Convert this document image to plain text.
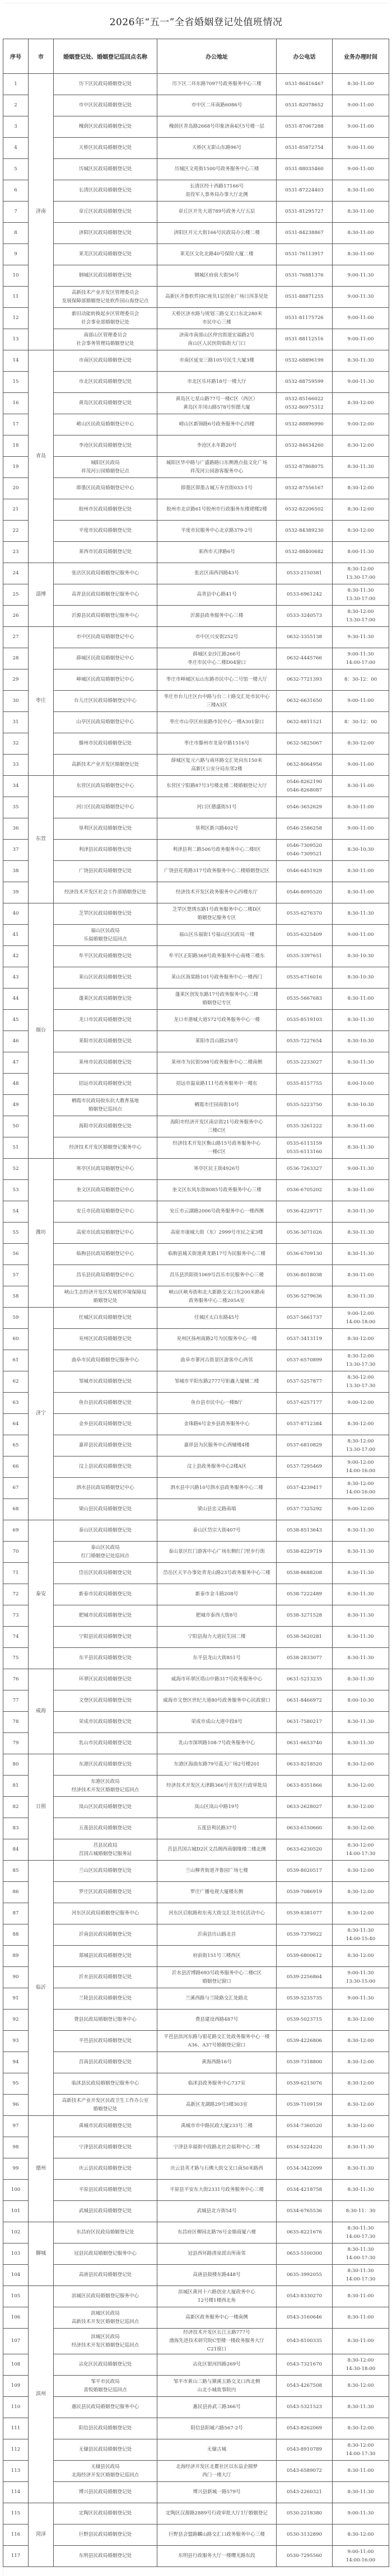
2026年“五一”全省婚姻登记处值班情况
序号	市	婚姻登记处、婚姻登记巡回点名称	办公地址	办公电话	业务办理时间
1	济南	历下区民政局婚姻登记处	历下区二环东路7097号政务服务中心三楼	0531-86416467	8:30-11:00

2		市中区民政局婚姻登记处	市中区二环南路6086号	0531-82078652	9:00-11:00

3		槐荫区民政局婚姻登记处	槐荫区青岛路2668号印象济南4区5号楼一层	0531-87067288	9:00-11:00

4		天桥区民政局婚姻登记处	天桥区无影山东路96号	0531-85872754	9:00-11:00

5		历城区民政局婚姻登记处	历城区文苑街1500号政务服务中心三楼	0531-88035460	9:00-11:00

6		长清区民政局婚姻登记处	长清区经十西路17166号
退役军人事务局办事大厅北侧	0531-87224403	8:30-11:00

7		章丘区民政局婚姻登记处	章丘区开先大道789号政务大厅五层	0531-81295727	8:30-11:00

8		济阳区民政局婚姻登记处	济阳区开元大街166号民政局办公楼二楼	0531-84238867	8:30-11:00

9		莱芜区民政局婚姻登记处	莱芜区文化北路40号保险大厦二楼	0531-76113917	8:30-11:00

10		钢城区民政局婚姻登记处	钢城区府前大街56号	0531-76881376	9:00-11:30

11		高新技术产业开发区管理委员会
发展保障部婚姻登记处软件园山海登记点	高新区齐鲁软件园C座负1层创业广场曰洱茶见处	0531-88871255	9:00-11:30

12		新旧动能转换起步区管理委员会
社会事业部婚姻登记处	天桥区济水路与规划三路交叉口东北280米
市民中心三楼	0531-81175726	9:00-11:00

13		南部山区管理委员会
社会事务管理局婚姻登记处	济南市南部山区仲宫街道宏福路2号
南山区人民医院临街大门口	0531-88112516	9:00-11:00

14	青岛	市南区民政局婚姻登记处	市南区延安三路105号民生大厦3楼	0532-68896199	8:30-11:30

15		市北区民政局婚姻登记处	市北区乐环路18号一楼大厅	0532-88759599	9:00-11:30

16		黄岛区民政局婚姻登记处	黄岛区七星山路77号一楼C区（西区）
黄岛区井冈山路578号恒德大厦	0532-85166022
0532-86975312	8:30-12:00

17		崂山区民政局婚姻登记中心	崂山区新锦路6号政务服务中心四楼	0532-88896990	9:00-12:00

18		李沧区民政局婚姻登记处	李沧区永年路20号	0532-84634260	8:30-12:00

19		城阳区民政局
祥茂河公园婚姻登记点	城阳区华中路与广盛路路口东侧渔点盐文化广场
祥茂河公园游客服务中心	0532-87868075	8:30-11:30

20		即墨区民政局婚姻登记中心	即墨区即墨古城万寿宫街033-1号	0532-87556167	8:30-12:00

21		胶州市民政局婚姻登记处	胶州市北京路61号胶州市行政服务东楼裙楼2楼	0532-82206502	8:30-12:00

22		平度市民政局婚姻登记处	平度市民服务中心北京路379-2号	0532-84389230	8:30-12:00

23		莱西市民政局婚姻登记处	莱西市天津路6号	0532-88400682	8:00-11:30

24	淄博	张店区民政局婚姻登记服务中心	张店区南西四路43号	0533-2150381	8:30-12:00
13:30-17:00

25		高青县民政局婚姻登记服务中心	高青县中心路41号	0533-6961242	8:30-11:30
13:30-17:00

26		沂源县民政局婚姻登记服务中心	沂源县政务服务中心三楼	0533-3240573	8:30-12:00
13:30-17:00

27	枣庄	市中区民政局婚姻登记中心	市中区兴安街252号	0632-3355138	9:30-11:30

28		薛城区民政局婚姻登记中心	薛城区金沙江路266号
枣庄市民中心二楼D04窗口	0632-4445766	9:00-11:30
14:00-17:00

29		峄城区民政局婚姻登记中心	枣庄市峄城区坛山东路市民中心二号馆一楼大厅	0632-7721393	8：30-12：00

30		台儿庄区民政局婚姻登记中心	枣庄市台儿庄区台中路与台二十路交汇处市民中心
三楼A3区	0632-6631650	9:00-11:00

31		山亭区民政局婚姻登记中心	枣庄市山亭区府前路市民中心一楼A301窗口	0632-8811521	8：30-12：00

32		滕州市民政局婚姻登记处	枣庄市滕州市龙泉中路1516号	0632-5825067	8:30-12:00

33		高新技术产业开发区婚姻登记处	薛城区复元六路与南环路交汇处向东150米
高新区公安分局东邻2楼	0632-8064956	9:00-11:00

34	东营	东营区民政局婚姻登记中心	东营区宁阳路87号3号楼北楼二楼婚姻登记大厅	0546-8262190
0546-8268087	8:30-11:00

35		河口区民政局婚姻登记中心	河口区德盛街51号	0546-3652629	8:30-11:00

36		垦利区民政局婚姻登记处	垦利区新兴路402号	0546-2586258	9:00-11:00

37		利津县民政局婚姻登记处	利津县利二路506号政务服务中心二楼I区	0546-7309520
0546-7309521	8:30-10:30

38		广饶县民政局婚姻登记处	广饶县花苑路317号政务服务中心二楼婚姻登记区	0546-6451929	8:30-11:00

39		经济技术开发区社会工作部婚姻登记处	经济技术开发区政务服务中心四楼东厅	0546-8095520	8:30-11:00

40	烟台	芝罘区民政局婚姻登记处	芝罘区楚绣东路1号政务服务中心二楼D区
婚姻登记服务专区	0535-6276370	8:30-11:30

41		福山区民政局
乐福婚姻登记巡回点	福山区乐福街1号福山区民政局一楼	0535-6325409	9:00-11:00

42		牟平区民政局婚姻登记处	牟平区正阳路368号政务服务中心南楼三楼东	0535-3397651	8:30-10:30

43		莱山区民政局婚姻登记处	莱山区海棠路101号政务服务中心一楼西门	0535-6716016	8:30-10:30

44		蓬莱区民政局婚姻登记处	蓬莱区创发东路17号政务服务中心三楼
婚姻登记专区	0535-5667683	8:30-11:00

45		龙口市民政局婚姻登记处	龙口市港城大道572号政务服务中心一楼	0535-8519103	8:30-11:30

46		莱阳市民政局婚姻登记处	莱阳市昌山路258号	0535-7227654	8:30-10:30

47		莱州市民政局婚姻登记处	莱州市为民街598号政务服务中心二楼南侧	0535-2233027	8:30-11:30

48		招远市民政局婚姻登记处	招远市温泉路111号政务服务中一楼东	0535-8157755	8:00-10:00

49		栖霞市民政局胶东抗大教育基地
婚姻登记巡回点	栖霞市庄园南街10号	0535-5223750	8:30-10:30

50		海阳市民政局婚姻登记处	海阳市经济开发区南京街21号政务服务中心
三楼C区	0535-3261222	8:30-11:00

51		经济技术开发区婚姻登记服务中心	经济技术开发区衡山路15号政务服务中心
一楼C区	0535-6113159
0535-6113160	8:30-11:30

52	潍坊	寒亭区民政局婚姻登记中心	寒亭区民主街4926号	0536-7263327	9:00-11:30

53		奎文区民政局婚姻登记中心	奎文区东风东街8085号政务服务中心三楼	0536-6705202	8:30-11:00

54		安丘市民政局婚姻登记中心	安丘市云湖路2006号政务服务中心一楼西侧	0536-4229717	8:30-11:30

55		高密市民政局婚姻登记中心	高密市康城大街（东）2999号市民之家3楼	0536-3071026	8:30-11:30

56		临朐县民政局婚姻登记中心	临朐县城关街道黄龙路17号为民服务中心三楼	0536-6709130	8:30-11:30

57		昌乐县民政局婚姻登记中心	昌乐县洪阳街1069号昌乐市民服务中心三楼	0536-8018038	8:30-11:00

58		峡山生态经济开发区发展软环境保障局
婚姻登记处	峡山区峡寿街和北大新路交叉口东200米路南
政务服务中心二楼205A室	0536-5279636	8:30-11:30

59	济宁	任城区民政局婚姻登记处	任城区太白东路45号	0537-5661737	9:00-12:00
14:00-18:00

60		兖州区民政局婚姻登记处	兖州区扬州南路2号为民服务中心一楼	0537-3413119	8:30-12:00

61		曲阜市民政局婚姻登记服务中心	曲阜市蓼河古街景区游客中心西邻	0537-6570899	8:30-12:00
13:30-17:30

62		邹城市民政局婚姻登记处	邹城市平阳东路2777号钜鑫大厦辅二楼	0537-5257877	8:30-12:00
13:30-17:30

63		鱼台县民政局婚姻登记处	鱼台县市民中心一楼B厅	0537-6257177	9:00-12:00

64		金乡县民政局婚姻登记处	金珠路6号金乡县政务服务中心	0537-8712384	8:30-12:00

65		嘉祥县民政局婚姻登记处	嘉祥县为民服务中心西辅楼4楼	0537-6810829	8:30-12:00
13:30-17:00

66		汶上县民政局婚姻登记处	汶上县政务服务中心2楼A区	0537-7295469	9:00-12:00
14:00-16:00

67		泗水县民政局婚姻登记中心	泗水县中兴路10号泗水县政务服务中心二楼	0537-4239417	8:30-12:00
14:00-16:00

68		梁山县民政局婚姻登记处	梁山县忠义路南端	0537-7325292	9:00-12:00

69	泰安	泰山区民政局婚姻登记处	泰山区岱宗大街407号	0538-8513643	8:30-11:30

70		泰山区民政局
红门婚姻登记处巡回点	泰山景区红门游客中心广场东侧红门里步行街	0538-8229719	8:30-11:30

71		岱岳区民政局婚姻登记处	岱岳区天平办事处青龙山路23号政务服务中心三楼	0538-8688208	8:30-11:30

72		新泰市民政局婚姻登记处	新泰市金斗路208号	0538-7222489	8:30-11:30

73		肥城市民政局婚姻登记处	肥城市泰西大街8号	0538-3271528	8:30-11:30

74		宁阳县民政局婚姻登记处	宁阳县海力大道民生园二楼	0538-5620281	8:30-11:30

75		东平县民政局婚姻登记处	东平县龙山大街851号	0538-2833077	8:30-11:30

76	威海	环翠区民政局婚姻登记处	威海市环翠区塔山中路317号政务服务中心	0631-5213235	8:30-11:30

77		文登区民政局婚姻登记处	威海市文登区世纪大道80号政务服务中心民政窗口	0631-8466972	8:00-10:30

78		荣成市民政局婚姻登记处	荣成市成山大道中段8号	0631-7580217	8:30-11:30

79		乳山市民政局婚姻登记处	乳山市深圳路108-7号政务服务中心	0631-6653740	8:30-11:30

80	日照	东港区民政局婚姻登记处	东港区海曲东路79号蓝天广场2号楼201	0633-8218520	8:30-12:00

81		东港区民政局
经济技术开发区婚姻登记巡回点	经济技术开发区天津路366号开发区行政审批局	0633-8351866	8:30-12:00

82		岚山区民政局婚姻登记处	岚山区岚山中路19号	0633-2628027	8:30-12:00

83		五莲县民政局婚姻登记处	五莲县利民路37号	0633-6150660	8:30-12:00

84		莒县民政局
莒国古城婚姻登记服务站	莒县莒国古城D2区文昌阁西南姻缘楼二楼北侧	0633-6230520	8:30-12:00
14:00-17:30

85	临沂	兰山区民政局婚姻登记处	兰山柳青街道齐鲁园广场七楼	0539-8020517	8:30-12:00

86		罗庄区民政局婚姻登记处	罗庄广播电视大厦楼东侧	0539-7086919	8:30-12:00

87		河东区民政局婚姻登记服务中心	河东区启航路和东夷大街交汇处市民活动中心	0539-8381077	8:30-12:00

88		沂南县民政局婚姻登记处	沂南县历山路北首	0539-7379922	8:30-11:30
14:00-15:40

89		郯城县民政局婚姻登记处	府前街151号三楼西区	0539-6800612	8:30-12:00

90		沂水县民政局婚姻登记处	沂水县沂博路693号政务服务中心二楼C区
婚姻登记窗口	0539-2256864	9:00-11:30
13:30-15:00

91		兰陵县民政局婚姻登记处	兰溪西路与兰陵路交汇处路北	0539-5235735	9:00-11:30

92		费县民政局婚姻登记服务中心	费县建设西路487号	0539-5023715	8:30-12:00

93		平邑县民政局婚姻登记处	平邑县滨河东路与银花路交汇处政务服务中心一楼
A36、A37号婚姻登记窗口	0539-4226806	8:30-12:00

94		莒南县民政局婚姻登记处	黄海西路16号	0539-7318800	8:30-12:00

95		临沭县民政局婚姻登记服务中心	临沭县政务服务中心737室	0539-6213076	8:30-12:00

96		高新技术产业开发区民政卫生工作办公室
婚姻登记处	高新区龙湖路29号3楼303室	0539-7109159	8:30-12:00

97	德州	禹城市民政局婚姻登记处	禹城市市中路民政大厦233号二楼	0534-7360520	8:30-12:00

98		宁津县民政局婚姻登记处	宁津县幸福街中段路北社会福利中心二楼	0534-5224220	8:30-11:30

99		庆云县民政局婚姻登记处	庆云县英才路与石佛大街交叉口南50米路西	0534-3422099	8:30-11:30

100		平原县民政局婚姻登记处	平原县平安东大街2331号政务服务中心三楼	0534-4218758	8:30-11:30

101		武城县民政局婚姻登记处	武城县北方街54号	0534-6765536	8:30-11：30

102	聊城	东昌府区民政局婚姻登记处	东昌府区柳园北路76号金鼎商厦六楼	0635-8221676	8:30-11:30
14:00-17:30

103		冠县民政局婚姻登记服务中心	冠县西环路清泉派出所南邻	0653-5100300	8:30-11:30
14:00-17:30

104		高唐县民政局婚姻登记处	高唐县鼓楼东路448号	0635-3992055	8:30-11:30
14:00-17:30

105	滨州	滨城区民政局婚姻登记服务中心	滨城区黄河十六路创业大厦政务中心
12号楼1楼西北角	0543-8330270	8:30-11:00

106		滨城区民政局
高新技术开发区婚姻登记巡回点	高新区政务服务中心一楼南侧	0543-3160646	8:30-11:00

107		滨城区民政局
经济技术开发区婚姻登记巡回点	经济技术开发区长江五路777号
渤海先进技术研究院C型楼一楼政务服务大厅
C21窗口	0543-8100335	8:30-11:00

108		沾化区民政局婚姻登记处	沾化区银河四路269号	0543-7321670	8:30-12:00
14:30-18:00

109		邹平市民政局
喜悦婚姻登记巡回点	邹平市黄山三路与黛溪五路交叉口西北侧
山北小城故事院内	0543-4267508	8:30-12:00

110		惠民县民政局婚姻登记服务中心	惠民县孙武三路366号	0543-5321523	8:30-11:30

111		阳信县民政局婚姻登记处	阳信县阳城六路567-2号	0543-8262069	8:30-12:00

112		无棣县民政局婚姻登记处	无棣古城	0543-8910789	8:30-12:00
14:00-17:30

113		无棣县民政局
北海经济开发区婚姻登记巡回点	北海经济开发区北瞿社区以东益企圆梦
西门一楼大厅	0543-6589072	8:30-11:00

114		博兴县民政局婚姻登记处	博兴县新城一路579号	0543-2260321	8:30-11:30

115	菏泽	定陶区民政局婚姻登记处	定陶区汉源路2889号行政审批大厅1厅婚姻登记	0530-2218380	9:00-11:30

116		巨野县民政局婚姻登记处	巨野县会盟路麟山路交汇口政务服务中心三楼	0530-3132890	8:30-12:00

117		东明县民政局婚姻登记处	东明县行政服务大厅一楼曙光路东段	0530-7295560	9:00-11:00
14:00-16:00
